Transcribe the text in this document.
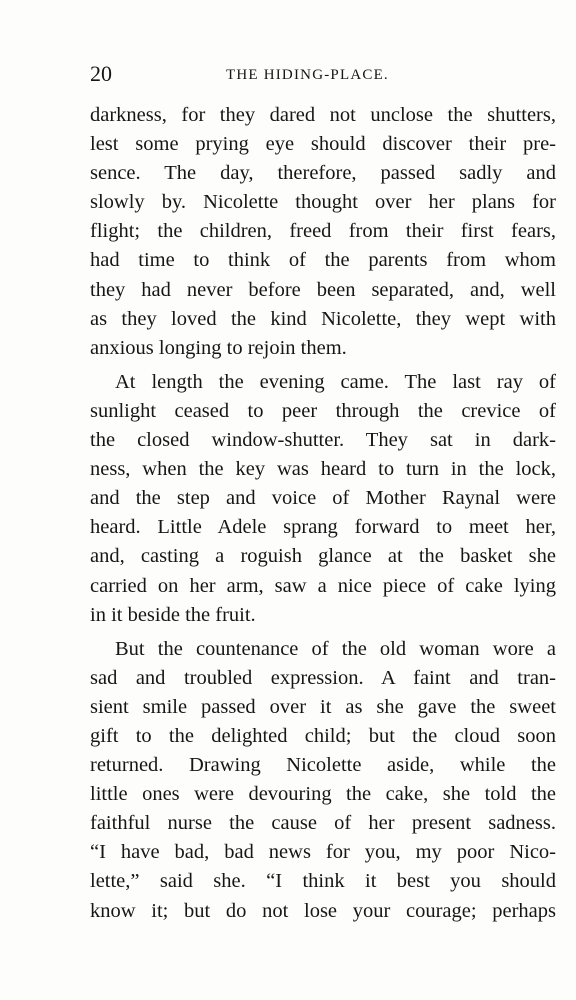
20	THE HIDING-PLACE.
darkness, for they dared not unclose the shutters,
lest some prying eye should discover their pre-
sence. The day, therefore, passed sadly and
slowly by. Nicolette thought over her plans for
flight; the children, freed from their first fears,
had time to think of the parents from whom
they had never before been separated, and, well
as they loved the kind Nicolette, they wept with
anxious longing to rejoin them.
At length the evening came. The last ray of
sunlight ceased to peer through the crevice of
the closed window-shutter. They sat in dark-
ness, when the key was heard to turn in the lock,
and the step and voice of Mother Raynal were
heard. Little Adele sprang forward to meet her,
and, casting a roguish glance at the basket she
carried on her arm, saw a nice piece of cake lying
in it beside the fruit.
But the countenance of the old woman wore a
sad and troubled expression. A faint and tran-
sient smile passed over it as she gave the sweet
gift to the delighted child; but the cloud soon
returned. Drawing Nicolette aside, while the
little ones were devouring the cake, she told the
faithful nurse the cause of her present sadness.
“I have bad, bad news for you, my poor Nico-
lette,” said she. “I think it best you should
know it; but do not lose your courage; perhaps
